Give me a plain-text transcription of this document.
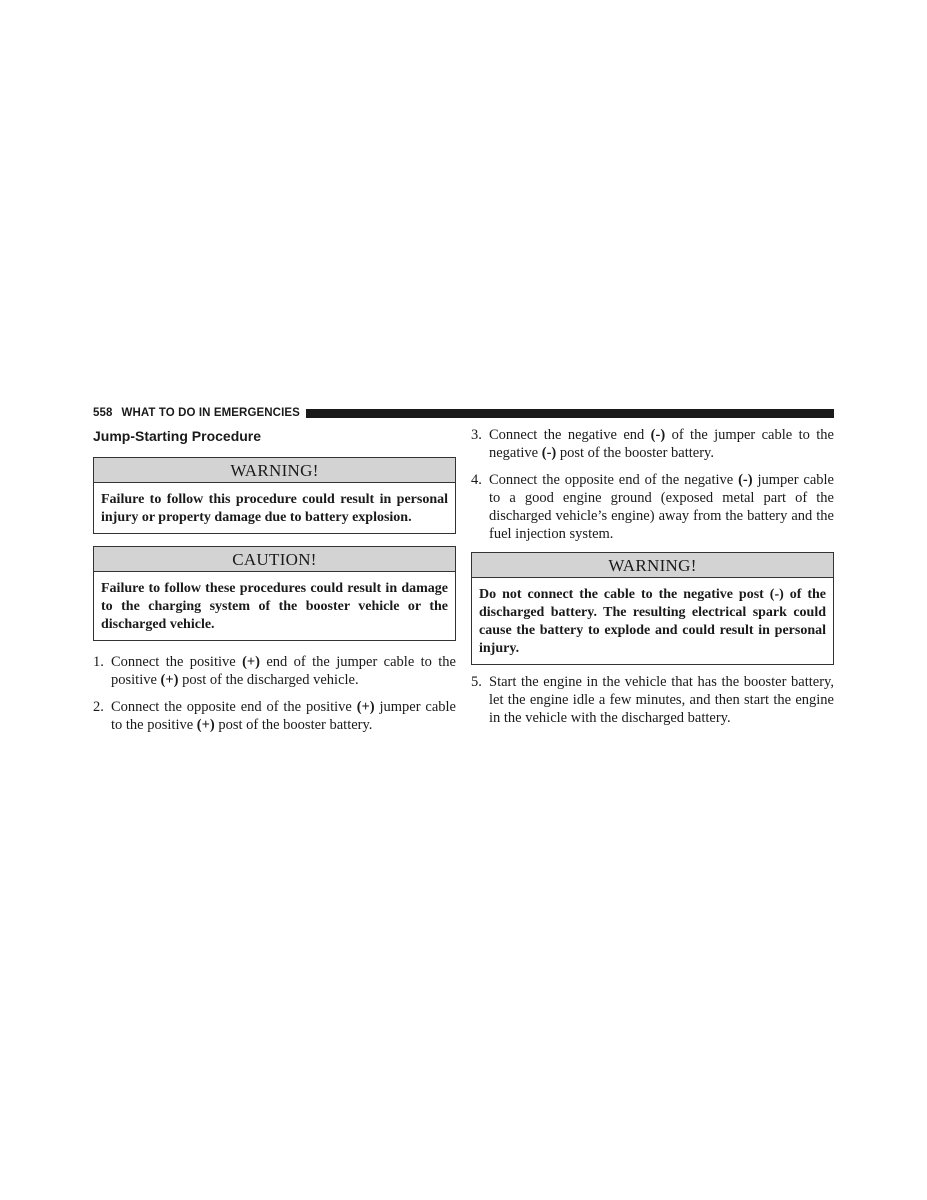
558 WHAT TO DO IN EMERGENCIES
Jump-Starting Procedure
WARNING!
Failure to follow this procedure could result in personal injury or property damage due to battery explosion.
CAUTION!
Failure to follow these procedures could result in damage to the charging system of the booster vehicle or the discharged vehicle.
1. Connect the positive (+) end of the jumper cable to the positive (+) post of the discharged vehicle.
2. Connect the opposite end of the positive (+) jumper cable to the positive (+) post of the booster battery.
3. Connect the negative end (-) of the jumper cable to the negative (-) post of the booster battery.
4. Connect the opposite end of the negative (-) jumper cable to a good engine ground (exposed metal part of the discharged vehicle’s engine) away from the battery and the fuel injection system.
WARNING!
Do not connect the cable to the negative post (-) of the discharged battery. The resulting electrical spark could cause the battery to explode and could result in personal injury.
5. Start the engine in the vehicle that has the booster battery, let the engine idle a few minutes, and then start the engine in the vehicle with the discharged battery.
